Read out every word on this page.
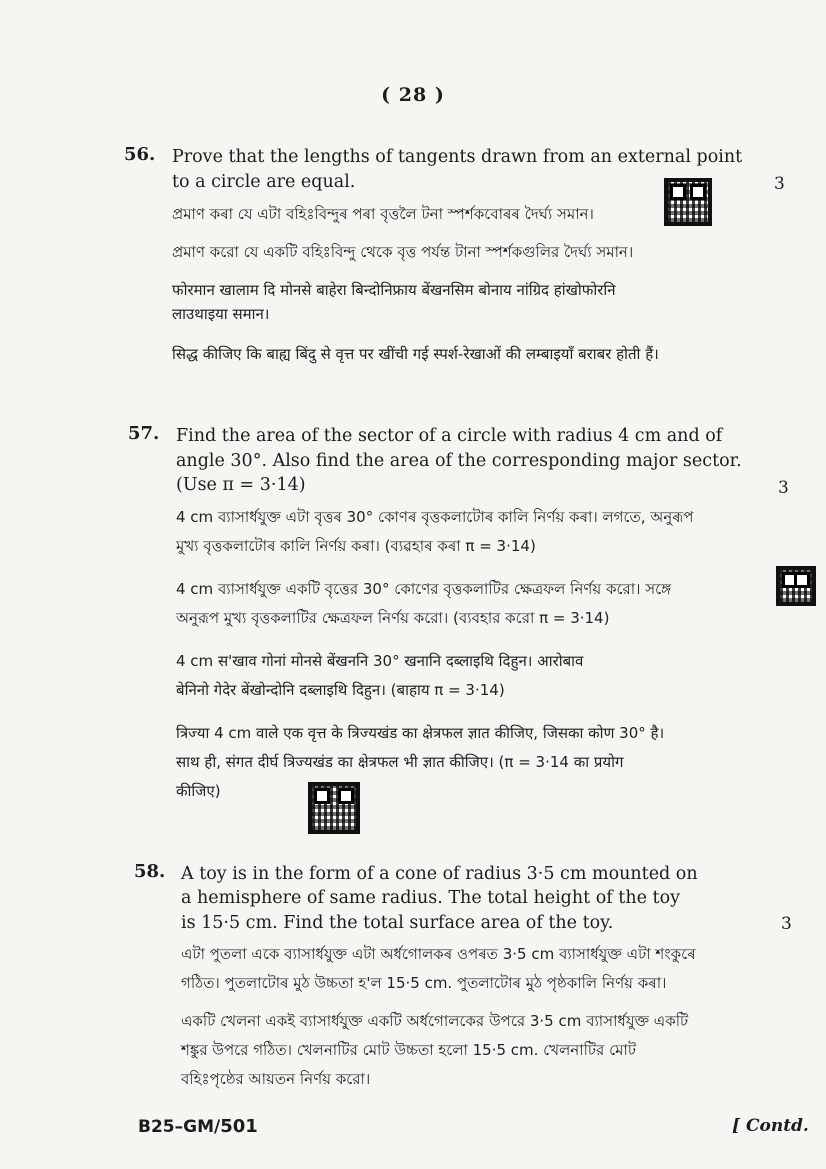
( 28 )
56. Prove that the lengths of tangents drawn from an external point
to a circle are equal.	3
প্ৰমাণ কৰা যে এটা বহিঃবিন্দুৰ পৰা বৃত্তলৈ টনা স্পৰ্শকবোৰৰ দৈৰ্ঘ্য সমান।
প্রমাণ করো যে একটি বহিঃবিন্দু থেকে বৃত্ত পর্যন্ত টানা স্পর্শকগুলির দৈর্ঘ্য সমান।
फोरमान खालाम दि मोनसे बाहेरा बिन्दोनिफ्राय बेंखनसिम बोनाय नांग्रिद हांखोफोरनि
लाउथाइया समान।
सिद्ध कीजिए कि बाह्य बिंदु से वृत्त पर खींची गई स्पर्श-रेखाओं की लम्बाइयाँ बराबर होती हैं।
57. Find the area of the sector of a circle with radius 4 cm and of
angle 30°. Also find the area of the corresponding major sector.
(Use π = 3·14)	3
4 cm ব্যাসাৰ্ধযুক্ত এটা বৃত্তৰ 30° কোণৰ বৃত্তকলাটোৰ কালি নিৰ্ণয় কৰা। লগতে, অনুৰূপ
মুখ্য বৃত্তকলাটোৰ কালি নিৰ্ণয় কৰা। (ব্যৱহাৰ কৰা π = 3·14)
4 cm ব্যাসার্ধযুক্ত একটি বৃত্তের 30° কোণের বৃত্তকলাটির ক্ষেত্রফল নির্ণয় করো। সঙ্গে
অনুরূপ মুখ্য বৃত্তকলাটির ক্ষেত্রফল নির্ণয় করো। (ব্যবহার করো π = 3·14)
4 cm स'खाव गोनां मोनसे बेंखननि 30° खनानि दब्लाइथि दिहुन। आरोबाव
बेनिनो गेदेर बेंखोन्दोनि दब्लाइथि दिहुन। (बाहाय π = 3·14)
त्रिज्या 4 cm वाले एक वृत्त के त्रिज्यखंड का क्षेत्रफल ज्ञात कीजिए, जिसका कोण 30° है।
साथ ही, संगत दीर्घ त्रिज्यखंड का क्षेत्रफल भी ज्ञात कीजिए। (π = 3·14 का प्रयोग
कीजिए)
58. A toy is in the form of a cone of radius 3·5 cm mounted on
a hemisphere of same radius. The total height of the toy
is 15·5 cm. Find the total surface area of the toy.	3
এটা পুতলা একে ব্যাসাৰ্ধযুক্ত এটা অৰ্ধগোলকৰ ওপৰত 3·5 cm ব্যাসাৰ্ধযুক্ত এটা শংকুৰে
গঠিত। পুতলাটোৰ মুঠ উচ্চতা হ'ল 15·5 cm. পুতলাটোৰ মুঠ পৃষ্ঠকালি নিৰ্ণয় কৰা।
একটি খেলনা একই ব্যাসার্ধযুক্ত একটি অর্ধগোলকের উপরে 3·5 cm ব্যাসার্ধযুক্ত একটি
শঙ্কুর উপরে গঠিত। খেলনাটির মোট উচ্চতা হলো 15·5 cm. খেলনাটির মোট
বহিঃপৃষ্ঠের আয়তন নির্ণয় করো।
B25–GM/501	[ Contd.
